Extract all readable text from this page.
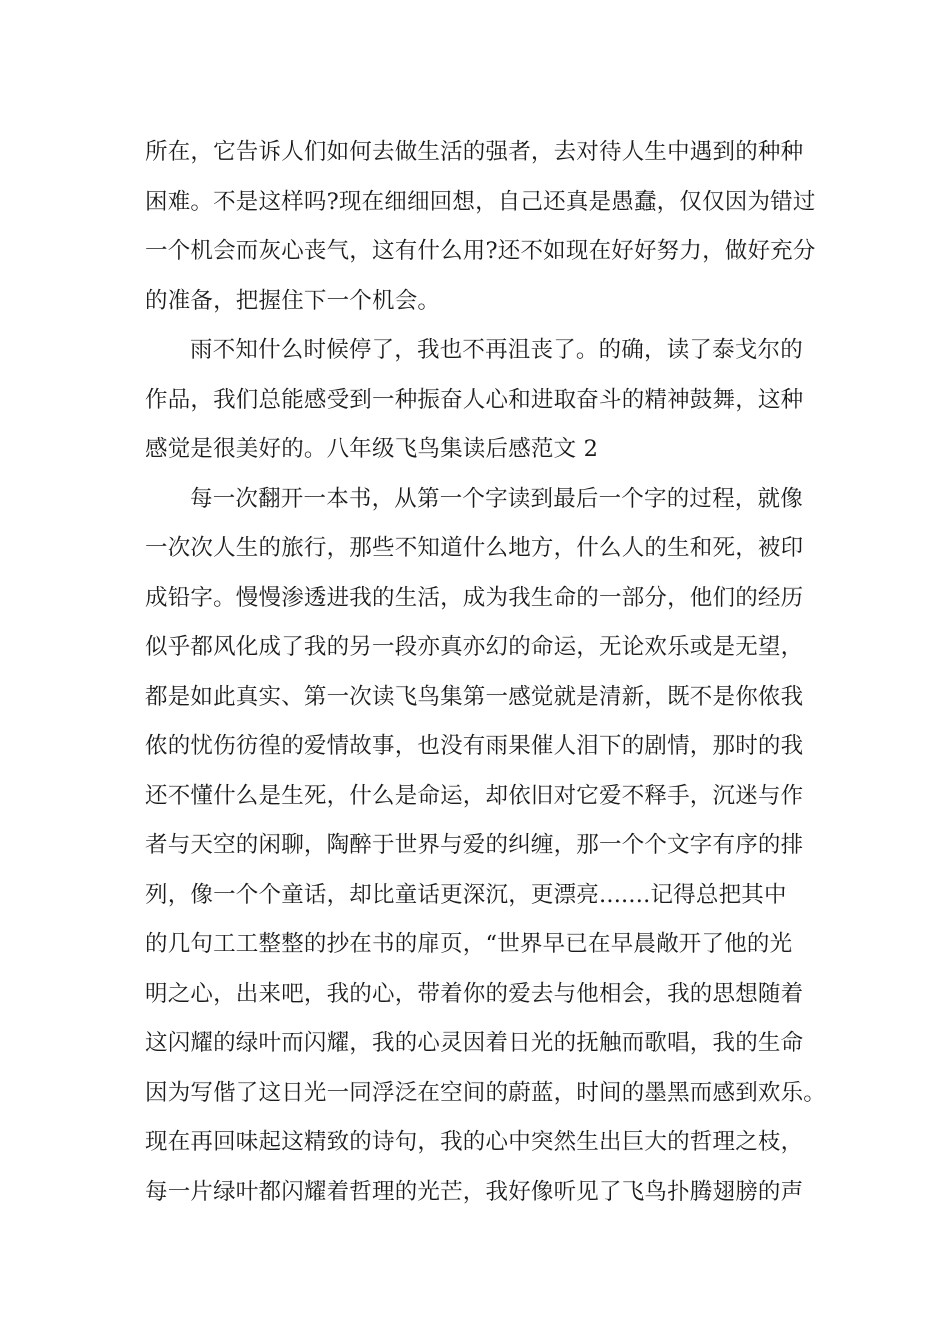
所在，它告诉人们如何去做生活的强者，去对待人生中遇到的种种
困难。不是这样吗?现在细细回想，自己还真是愚蠢，仅仅因为错过
一个机会而灰心丧气，这有什么用?还不如现在好好努力，做好充分
的准备，把握住下一个机会。
雨不知什么时候停了，我也不再沮丧了。的确，读了泰戈尔的
作品，我们总能感受到一种振奋人心和进取奋斗的精神鼓舞，这种
感觉是很美好的。八年级飞鸟集读后感范文 2
每一次翻开一本书，从第一个字读到最后一个字的过程，就像
一次次人生的旅行，那些不知道什么地方，什么人的生和死，被印
成铅字。慢慢渗透进我的生活，成为我生命的一部分，他们的经历
似乎都风化成了我的另一段亦真亦幻的命运，无论欢乐或是无望，
都是如此真实、第一次读飞鸟集第一感觉就是清新，既不是你侬我
侬的忧伤彷徨的爱情故事，也没有雨果催人泪下的剧情，那时的我
还不懂什么是生死，什么是命运，却依旧对它爱不释手，沉迷与作
者与天空的闲聊，陶醉于世界与爱的纠缠，那一个个文字有序的排
列，像一个个童话，却比童话更深沉，更漂亮.......记得总把其中
的几句工工整整的抄在书的扉页，“世界早已在早晨敞开了他的光
明之心，出来吧，我的心，带着你的爱去与他相会，我的思想随着
这闪耀的绿叶而闪耀，我的心灵因着日光的抚触而歌唱，我的生命
因为写偕了这日光一同浮泛在空间的蔚蓝，时间的墨黑而感到欢乐。
现在再回味起这精致的诗句，我的心中突然生出巨大的哲理之枝，
每一片绿叶都闪耀着哲理的光芒，我好像听见了飞鸟扑腾翅膀的声
